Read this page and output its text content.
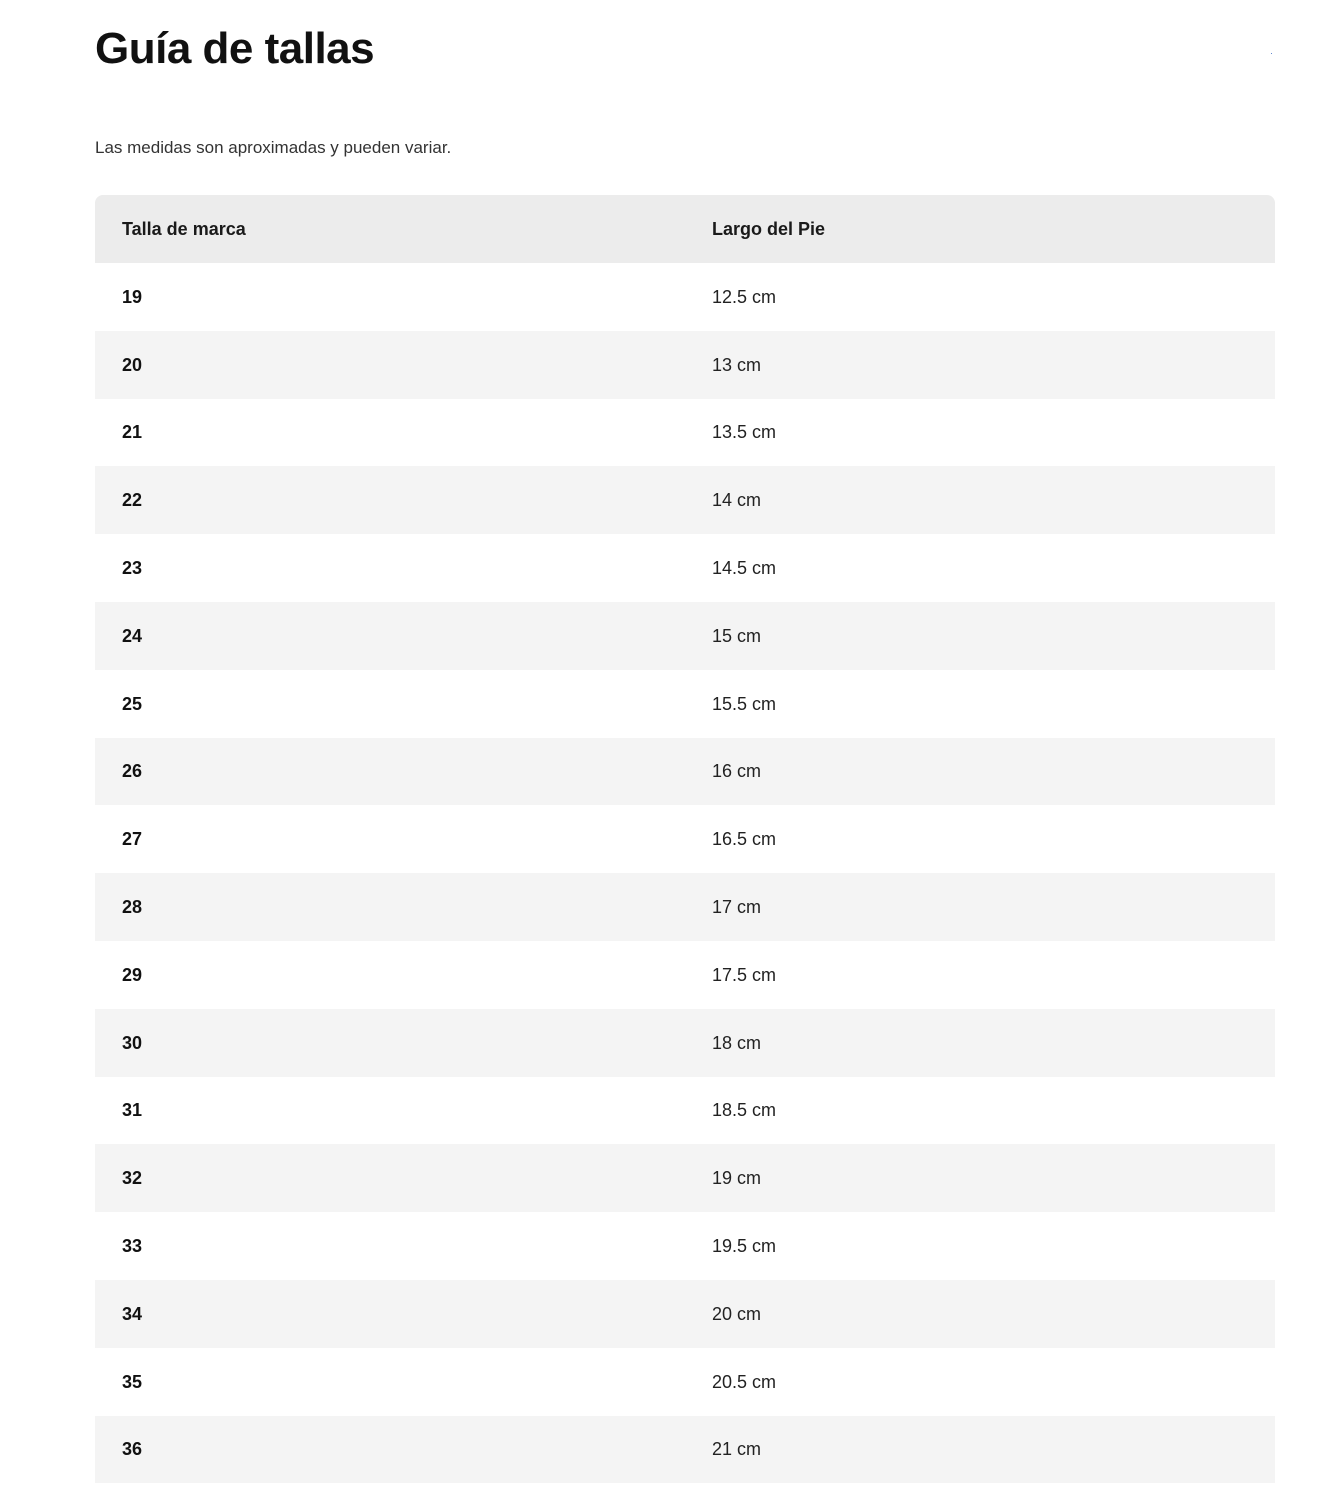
Guía de tallas	·

Las medidas son aproximadas y pueden variar.

Talla de marca	Largo del Pie
19	12.5 cm
20	13 cm
21	13.5 cm
22	14 cm
23	14.5 cm
24	15 cm
25	15.5 cm
26	16 cm
27	16.5 cm
28	17 cm
29	17.5 cm
30	18 cm
31	18.5 cm
32	19 cm
33	19.5 cm
34	20 cm
35	20.5 cm
36	21 cm
